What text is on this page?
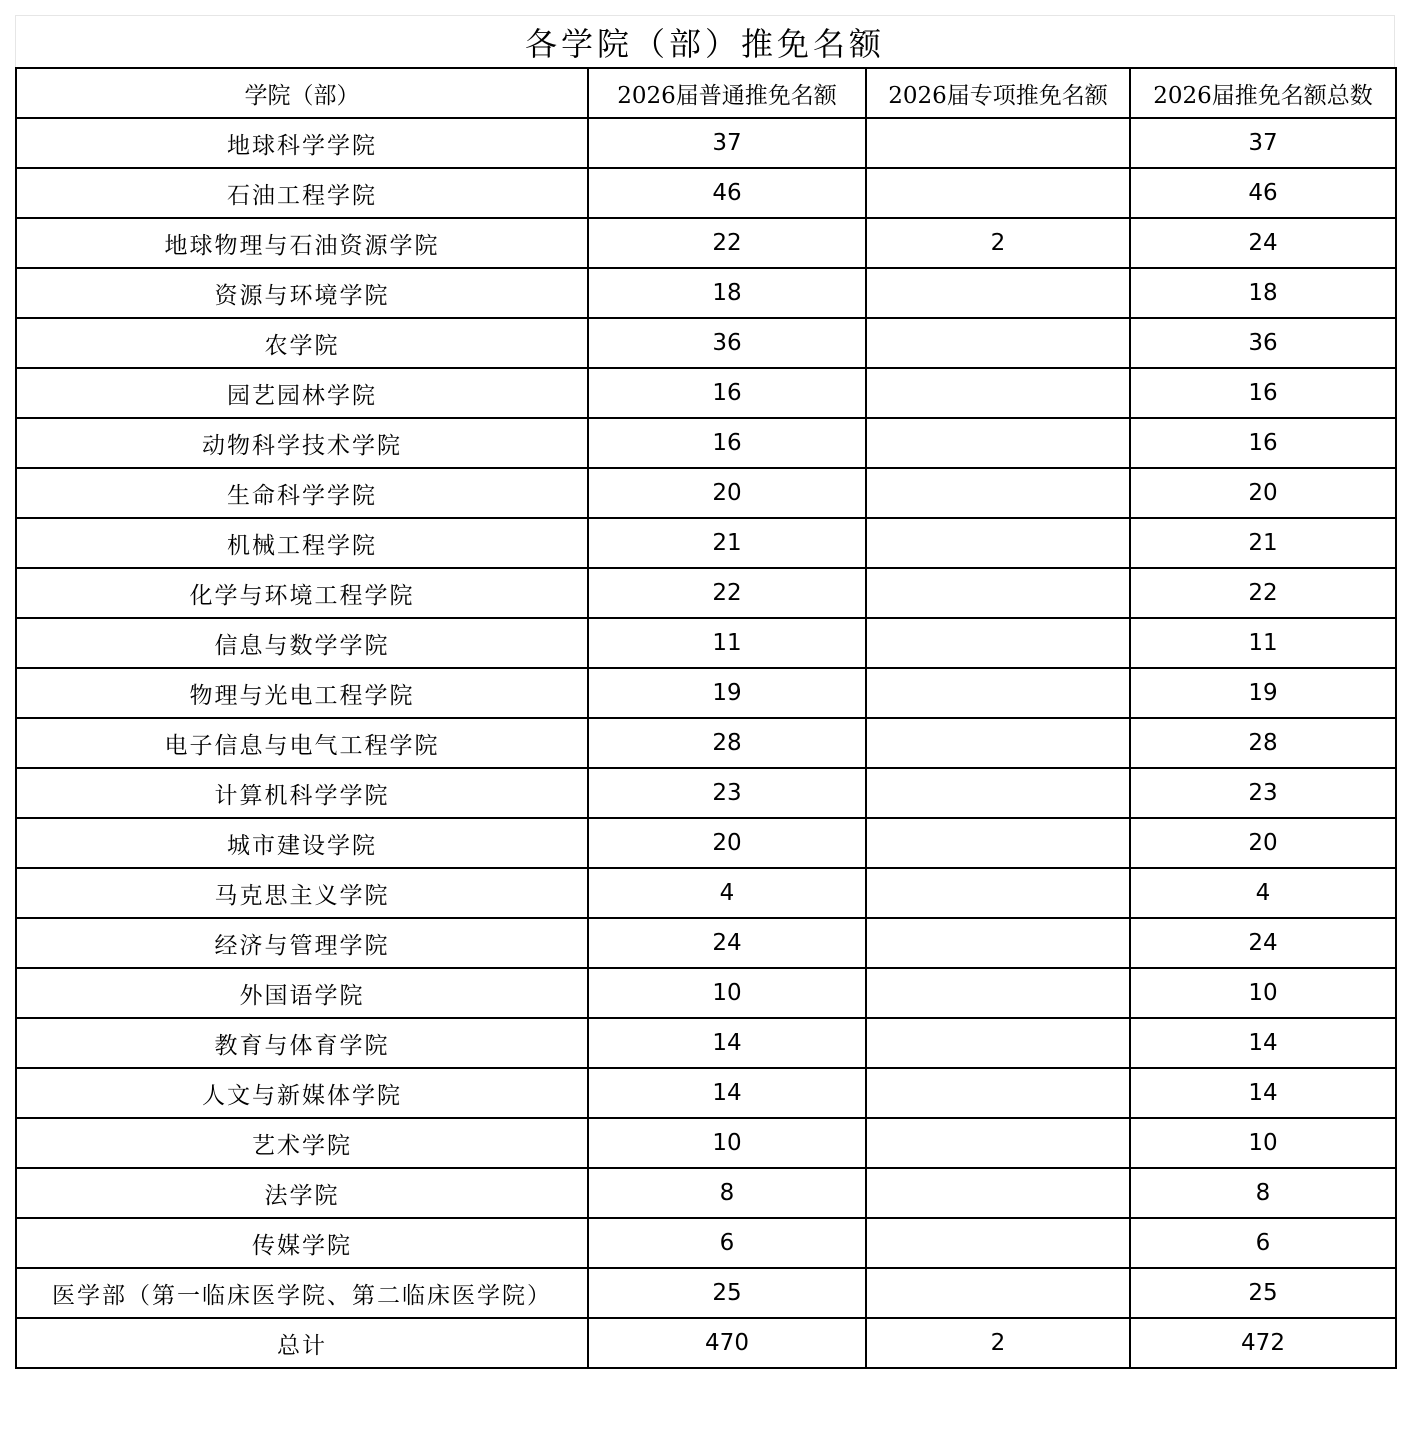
各学院（部）推免名额
学院（部）	2026届普通推免名额	2026届专项推免名额	2026届推免名额总数
地球科学学院	37		37
石油工程学院	46		46
地球物理与石油资源学院	22	2	24
资源与环境学院	18		18
农学院	36		36
园艺园林学院	16		16
动物科学技术学院	16		16
生命科学学院	20		20
机械工程学院	21		21
化学与环境工程学院	22		22
信息与数学学院	11		11
物理与光电工程学院	19		19
电子信息与电气工程学院	28		28
计算机科学学院	23		23
城市建设学院	20		20
马克思主义学院	4		4
经济与管理学院	24		24
外国语学院	10		10
教育与体育学院	14		14
人文与新媒体学院	14		14
艺术学院	10		10
法学院	8		8
传媒学院	6		6
医学部（第一临床医学院、第二临床医学院）	25		25
总计	470	2	472
